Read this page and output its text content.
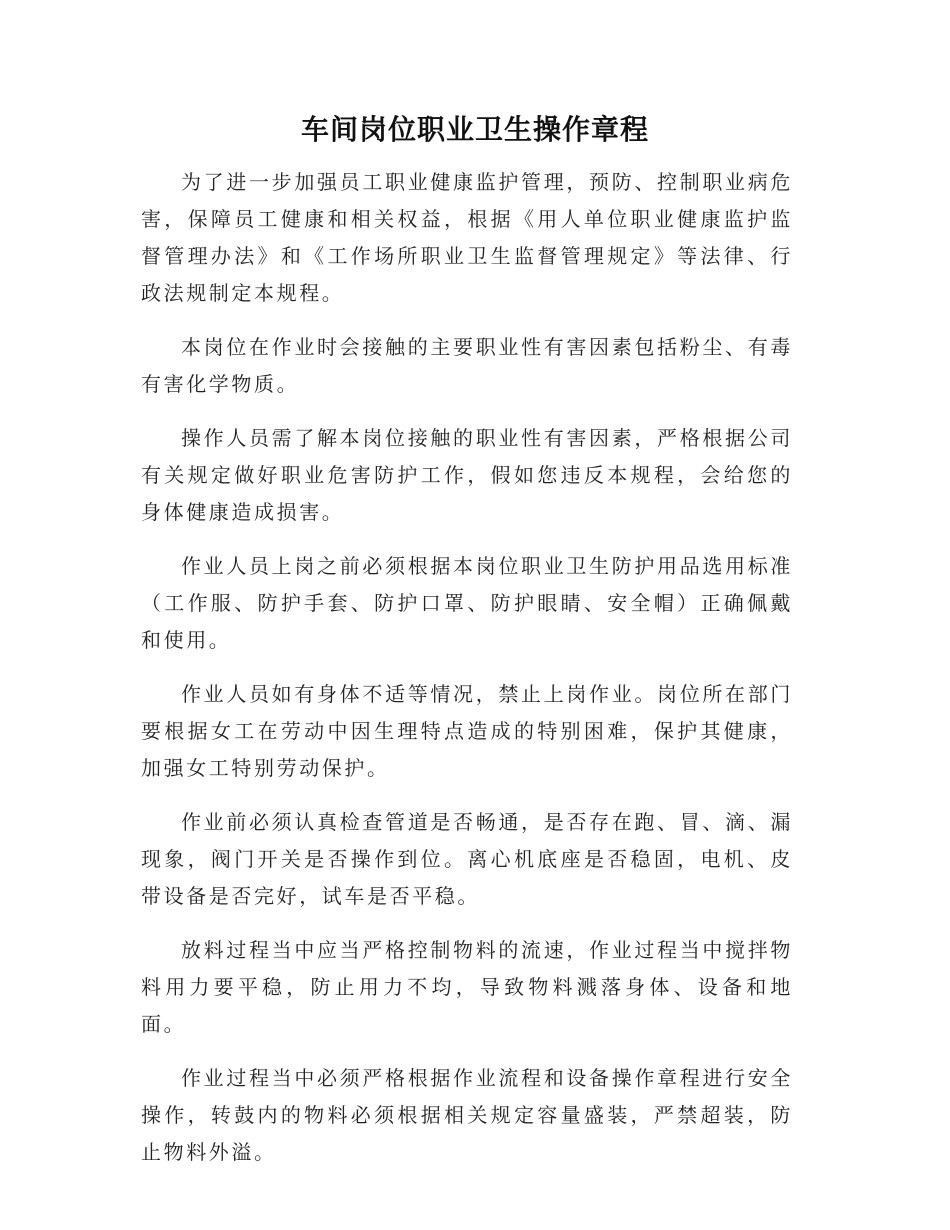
车间岗位职业卫生操作章程

为了进一步加强员工职业健康监护管理，预防、控制职业病危害，保障员工健康和相关权益，根据《用人单位职业健康监护监督管理办法》和《工作场所职业卫生监督管理规定》等法律、行政法规制定本规程。

本岗位在作业时会接触的主要职业性有害因素包括粉尘、有毒有害化学物质。

操作人员需了解本岗位接触的职业性有害因素，严格根据公司有关规定做好职业危害防护工作，假如您违反本规程，会给您的身体健康造成损害。

作业人员上岗之前必须根据本岗位职业卫生防护用品选用标准（工作服、防护手套、防护口罩、防护眼睛、安全帽）正确佩戴和使用。

作业人员如有身体不适等情况，禁止上岗作业。岗位所在部门要根据女工在劳动中因生理特点造成的特别困难，保护其健康，加强女工特别劳动保护。

作业前必须认真检查管道是否畅通，是否存在跑、冒、滴、漏现象，阀门开关是否操作到位。离心机底座是否稳固，电机、皮带设备是否完好，试车是否平稳。

放料过程当中应当严格控制物料的流速，作业过程当中搅拌物料用力要平稳，防止用力不均，导致物料溅落身体、设备和地面。

作业过程当中必须严格根据作业流程和设备操作章程进行安全操作，转鼓内的物料必须根据相关规定容量盛装，严禁超装，防止物料外溢。
